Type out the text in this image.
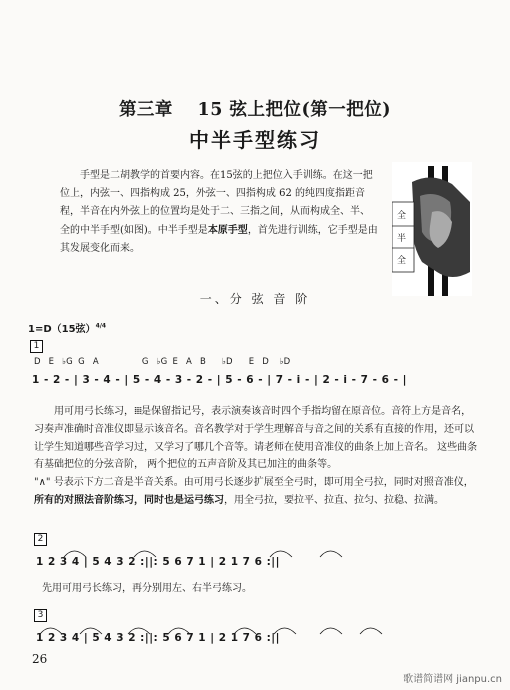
第三章　 15 弦上把位(第一把位)
中半手型练习

手型是二胡教学的首要内容。在15弦的上把位入手训练。在这一把位上，内弦一、四指构成 25，外弦一、四指构成 6̇2̇ 的纯四度指距音程，半音在内外弦上的位置均是处于二、三指之间，从而构成全、半、全的中半手型(如图)。中半手型是本原手型，首先进行训练，它手型是由其发展变化而来。

全
半
全
一、分 弦 音 阶
1=D（15弦）$^{4/4}$
1
D   E   ♭G  G   A                G   ♭G  E   A   B      ♭D      E   D    ♭D
1 - 2 - | 3 - 4 - | 5 - 4 - 3 - 2 - | 5 - 6 - | 7 - i - | 2 - i - 7 - 6 - |

用可用弓长练习，⁞⁞⁞⁞是保留指记号，表示演奏该音时四个手指均留在原音位。音符上方是音名，习奏声准确时音准仪即显示该音名。音名教学对于学生理解音与音之间的关系有直接的作用，还可以让学生知道哪些音学习过，又学习了哪几个音等。请老师在使用音准仪的曲条上加上音名。 这些曲条有基础把位的分弦音阶， 两个把位的五声音阶及其已加注的曲条等。

"∧" 号表示下方二音是半音关系。由可用弓长逐步扩展至全弓时，即可用全弓拉，同时对照音准仪，所有的对照法音阶练习，同时也是运弓练习，用全弓拉，要拉平、拉直、拉匀、拉稳、拉满。

2
1 2 3 4 | 5 4 3 2 :||: 5 6 7 1 | 2 1 7 6 :||
先用可用弓长练习，再分别用左、右半弓练习。
3
1 2 3 4 | 5 4 3 2 :||: 5 6 7 1 | 2 1 7 6 :||
26
歌谱简谱网 jianpu.cn
